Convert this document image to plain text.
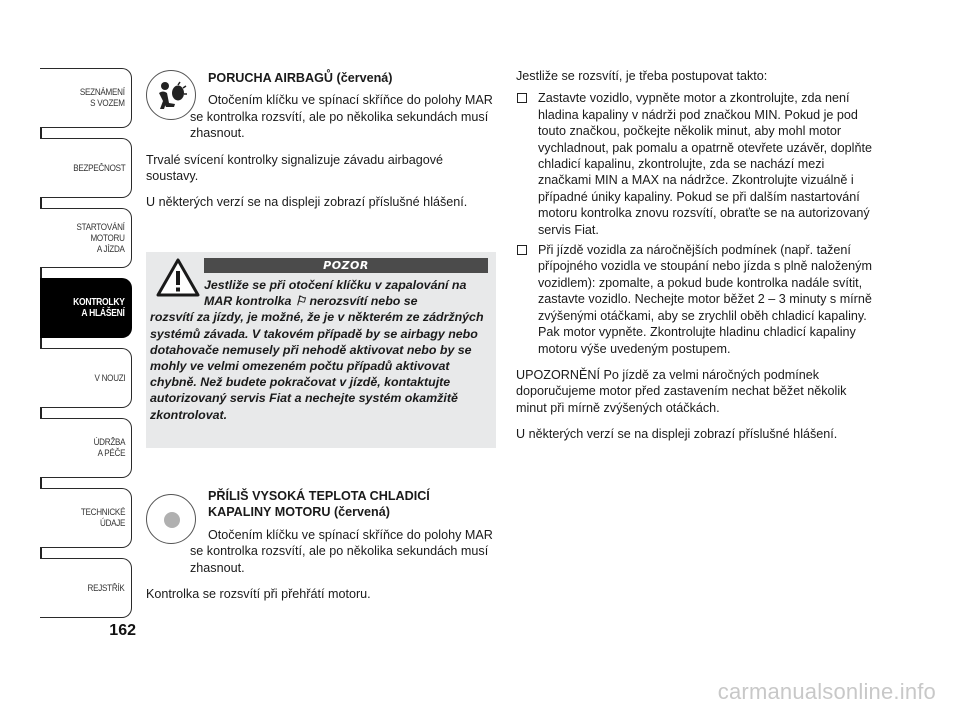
SEZNÁMENÍ
S VOZEM
BEZPEČNOST
STARTOVÁNÍ
MOTORU
A JÍZDA
KONTROLKY
A HLÁŠENÍ
V NOUZI
ÚDRŽBA
A PÉČE
TECHNICKÉ
ÚDAJE
REJSTŘÍK
162
PORUCHA AIRBAGŮ (červená)
Otočením klíčku ve spínací skříňce do polohy MAR se kontrolka rozsvítí, ale po několika sekundách musí zhasnout.

Trvalé svícení kontrolky signalizuje závadu airbagové soustavy.

U některých verzí se na displeji zobrazí příslušné hlášení.

POZOR
Jestliže se při otočení klíčku v zapalování na MAR kontrolka ⚐ nerozsvítí nebo se
rozsvítí za jízdy, je možné, že je v některém ze zádržných systémů závada. V takovém případě by se airbagy nebo dotahovače nemusely při nehodě aktivovat nebo by se mohly ve velmi omezeném počtu případů aktivovat chybně. Než budete pokračovat v jízdě, kontaktujte autorizovaný servis Fiat a nechejte systém okamžitě zkontrolovat.
PŘÍLIŠ VYSOKÁ TEPLOTA CHLADICÍ KAPALINY MOTORU (červená)
Otočením klíčku ve spínací skříňce do polohy MAR se kontrolka rozsvítí, ale po několika sekundách musí zhasnout.

Kontrolka se rozsvítí při přehřátí motoru.

Jestliže se rozsvítí, je třeba postupovat takto:

Zastavte vozidlo, vypněte motor a zkontrolujte, zda není hladina kapaliny v nádrži pod značkou MIN. Pokud je pod touto značkou, počkejte několik minut, aby mohl motor vychladnout, pak pomalu a opatrně otevřete uzávěr, doplňte chladicí kapalinu, zkontrolujte, zda se nachází mezi značkami MIN a MAX na nádržce. Zkontrolujte vizuálně i případné úniky kapaliny. Pokud se při dalším nastartování motoru kontrolka znovu rozsvítí, obraťte se na autorizovaný servis Fiat.
Při jízdě vozidla za náročnějších podmínek (např. tažení přípojného vozidla ve stoupání nebo jízda s plně naloženým vozidlem): zpomalte, a pokud bude kontrolka nadále svítit, zastavte vozidlo. Nechejte motor běžet 2 – 3 minuty s mírně zvýšenými otáčkami, aby se zrychlil oběh chladicí kapaliny. Pak motor vypněte. Zkontrolujte hladinu chladicí kapaliny motoru výše uvedeným postupem.

UPOZORNĚNÍ Po jízdě za velmi náročných podmínek doporučujeme motor před zastavením nechat běžet několik minut při mírně zvýšených otáčkách.

U některých verzí se na displeji zobrazí příslušné hlášení.

carmanualsonline.info
